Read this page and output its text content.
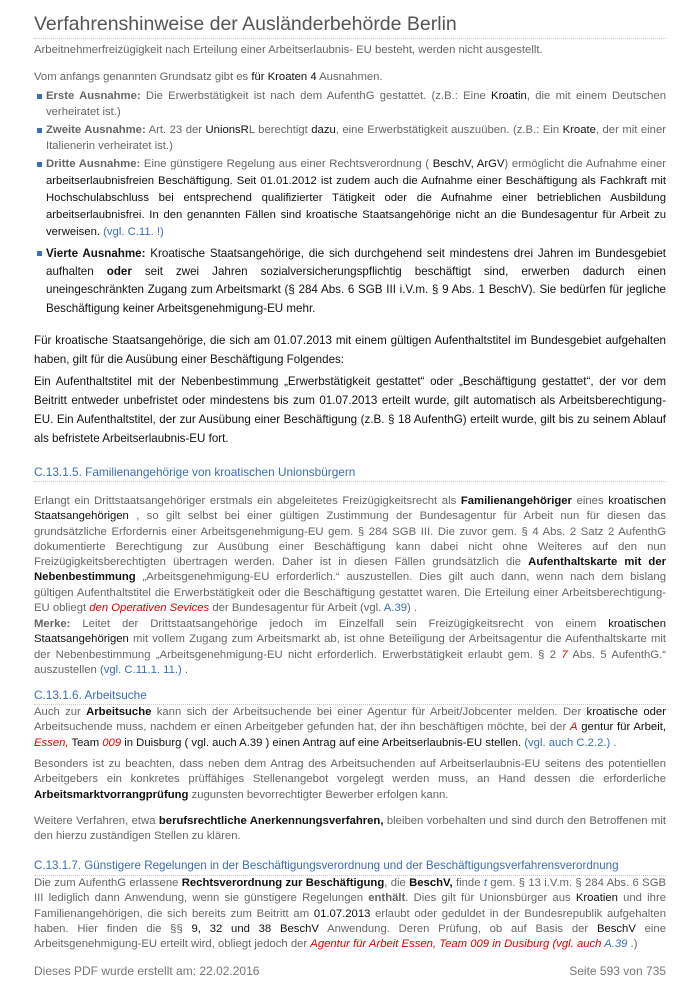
Verfahrenshinweise der Ausländerbehörde Berlin

Arbeitnehmerfreizügigkeit nach Erteilung einer Arbeitserlaubnis- EU besteht, werden nicht ausgestellt.

Vom anfangs genannten Grundsatz gibt es für Kroaten 4 Ausnahmen.

Erste Ausnahme: Die Erwerbstätigkeit ist nach dem AufenthG gestattet. (z.B.: Eine Kroatin, die mit einem Deutschen verheiratet ist.)
Zweite Ausnahme: Art. 23 der UnionsRL berechtigt dazu, eine Erwerbstätigkeit auszuüben. (z.B.: Ein Kroate, der mit einer Italienerin verheiratet ist.)
Dritte Ausnahme: Eine günstigere Regelung aus einer Rechtsverordnung ( BeschV, ArGV) ermöglicht die Aufnahme einer arbeitserlaubnisfreien Beschäftigung. Seit 01.01.2012 ist zudem auch die Aufnahme einer Beschäftigung als Fachkraft mit Hochschulabschluss bei entsprechend qualifizierter Tätigkeit oder die Aufnahme einer betrieblichen Ausbildung arbeitserlaubnisfrei. In den genannten Fällen sind kroatische Staatsangehörige nicht an die Bundesagentur für Arbeit zu verweisen. (vgl. C.11. !)
Vierte Ausnahme: Kroatische Staatsangehörige, die sich durchgehend seit mindestens drei Jahren im Bundesgebiet aufhalten oder seit zwei Jahren sozialversicherungspflichtig beschäftigt sind, erwerben dadurch einen uneingeschränkten Zugang zum Arbeitsmarkt (§ 284 Abs. 6 SGB III i.V.m. § 9 Abs. 1 BeschV). Sie bedürfen für jegliche Beschäftigung keiner Arbeitsgenehmigung-EU mehr.

Für kroatische Staatsangehörige, die sich am 01.07.2013 mit einem gültigen Aufenthaltstitel im Bundesgebiet aufgehalten haben, gilt für die Ausübung einer Beschäftigung Folgendes:

Ein Aufenthaltstitel mit der Nebenbestimmung „Erwerbstätigkeit gestattet“ oder „Beschäftigung gestattet“, der vor dem Beitritt entweder unbefristet oder mindestens bis zum 01.07.2013 erteilt wurde, gilt automatisch als Arbeitsberechtigung-EU. Ein Aufenthaltstitel, der zur Ausübung einer Beschäftigung (z.B. § 18 AufenthG) erteilt wurde, gilt bis zu seinem Ablauf als befristete Arbeitserlaubnis-EU fort.

C.13.1.5. Familienangehörige von kroatischen Unionsbürgern

Erlangt ein Drittstaatsangehöriger erstmals ein abgeleitetes Freizügigkeitsrecht als Familienangehöriger eines kroatischen Staatsangehörigen , so gilt selbst bei einer gültigen Zustimmung der Bundesagentur für Arbeit nun für diesen das grundsätzliche Erfordernis einer Arbeitsgenehmigung-EU gem. § 284 SGB III. Die zuvor gem. § 4 Abs. 2 Satz 2 AufenthG dokumentierte Berechtigung zur Ausübung einer Beschäftigung kann dabei nicht ohne Weiteres auf den nun Freizügigkeitsberechtigten übertragen werden. Daher ist in diesen Fällen grundsätzlich die Aufenthaltskarte mit der Nebenbestimmung „Arbeitsgenehmigung-EU erforderlich.“ auszustellen. Dies gilt auch dann, wenn nach dem bislang gültigen Aufenthaltstitel die Erwerbstätigkeit oder die Beschäftigung gestattet waren. Die Erteilung einer Arbeitsberechtigung-EU obliegt den Operativen Sevices der Bundesagentur für Arbeit (vgl. A.39) .

Merke: Leitet der Drittstaatsangehörige jedoch im Einzelfall sein Freizügigkeitsrecht von einem kroatischen Staatsangehörigen mit vollem Zugang zum Arbeitsmarkt ab, ist ohne Beteiligung der Arbeitsagentur die Aufenthaltskarte mit der Nebenbestimmung „Arbeitsgenehmigung-EU nicht erforderlich. Erwerbstätigkeit erlaubt gem. § 2 7 Abs. 5 AufenthG.“ auszustellen (vgl. C.11.1. 11.) .

C.13.1.6. Arbeitsuche

Auch zur Arbeitsuche kann sich der Arbeitsuchende bei einer Agentur für Arbeit/Jobcenter melden. Der kroatische oder Arbeitsuchende muss, nachdem er einen Arbeitgeber gefunden hat, der ihn beschäftigen möchte, bei der A gentur für Arbeit, Essen, Team 009 in Duisburg ( vgl. auch A.39 ) einen Antrag auf eine Arbeitserlaubnis-EU stellen. (vgl. auch C.2.2.) .

Besonders ist zu beachten, dass neben dem Antrag des Arbeitsuchenden auf Arbeitserlaubnis-EU seitens des potentiellen Arbeitgebers ein konkretes prüffähiges Stellenangebot vorgelegt werden muss, an Hand dessen die erforderliche Arbeitsmarktvorrangprüfung zugunsten bevorrechtigter Bewerber erfolgen kann.

Weitere Verfahren, etwa berufsrechtliche Anerkennungsverfahren, bleiben vorbehalten und sind durch den Betroffenen mit den hierzu zuständigen Stellen zu klären.

C.13.1.7. Günstigere Regelungen in der Beschäftigungsverordnung und der Beschäftigungsverfahrensverordnung

Die zum AufenthG erlassene Rechtsverordnung zur Beschäftigung, die BeschV, finde t gem. § 13 i.V.m. § 284 Abs. 6 SGB III lediglich dann Anwendung, wenn sie günstigere Regelungen enthält. Dies gilt für Unionsbürger aus Kroatien und ihre Familienangehörigen, die sich bereits zum Beitritt am 01.07.2013 erlaubt oder geduldet in der Bundesrepublik aufgehalten haben. Hier finden die §§ 9, 32 und 38 BeschV Anwendung. Deren Prüfung, ob auf Basis der BeschV eine Arbeitsgenehmigung-EU erteilt wird, obliegt jedoch der Agentur für Arbeit Essen, Team 009 in Dusiburg (vgl. auch A.39 .)

Dieses PDF wurde erstellt am: 22.02.2016	Seite 593 von 735
